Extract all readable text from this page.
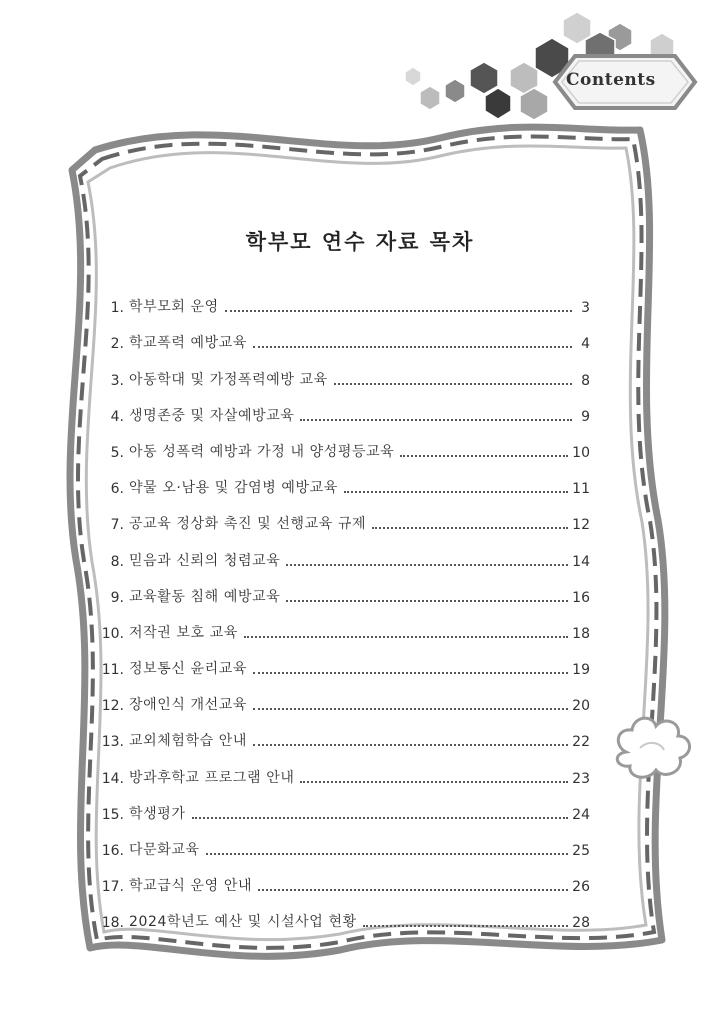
Contents
학부모 연수 자료 목차
1. 학부모회 운영	3
2. 학교폭력 예방교육	4
3. 아동학대 및 가정폭력예방 교육	8
4. 생명존중 및 자살예방교육	9
5. 아동 성폭력 예방과 가정 내 양성평등교육	10
6. 약물 오·남용 및 감염병 예방교육	11
7. 공교육 정상화 촉진 및 선행교육 규제	12
8. 믿음과 신뢰의 청렴교육	14
9. 교육활동 침해 예방교육	16
10. 저작권 보호 교육	18
11. 정보통신 윤리교육	19
12. 장애인식 개선교육	20
13. 교외체험학습 안내	22
14. 방과후학교 프로그램 안내	23
15. 학생평가	24
16. 다문화교육	25
17. 학교급식 운영 안내	26
18. 2024학년도 예산 및 시설사업 현황	28
